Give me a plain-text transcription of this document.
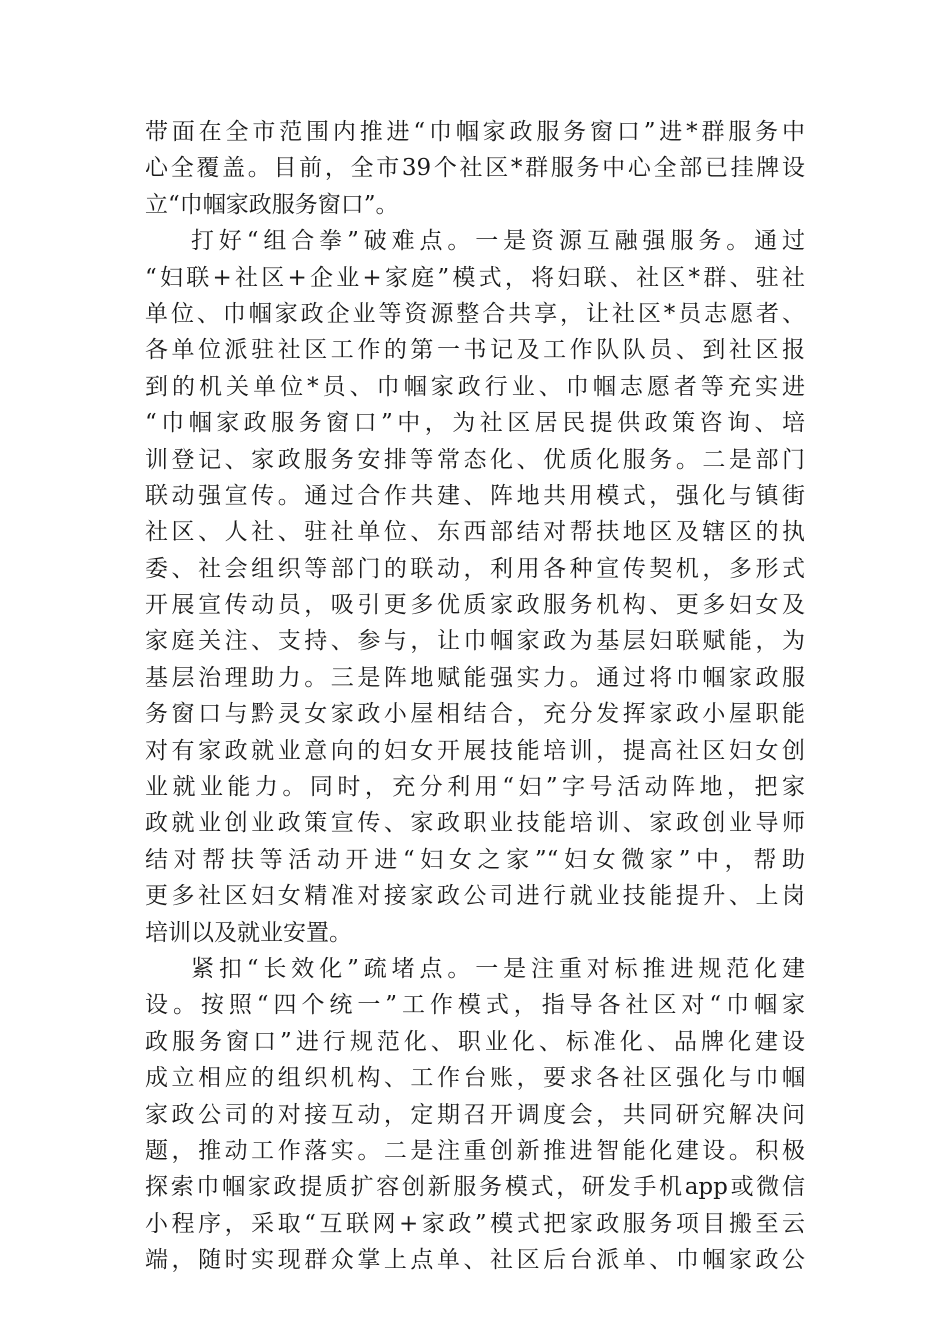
带面在全市范围内推进“巾帼家政服务窗口”进*群服务中
心全覆盖。目前，全市39个社区*群服务中心全部已挂牌设
立“巾帼家政服务窗口”。
打好“组合拳”破难点。一是资源互融强服务。通过
“妇联+社区+企业+家庭”模式，将妇联、社区*群、驻社
单位、巾帼家政企业等资源整合共享，让社区*员志愿者、
各单位派驻社区工作的第一书记及工作队队员、到社区报
到的机关单位*员、巾帼家政行业、巾帼志愿者等充实进
“巾帼家政服务窗口”中，为社区居民提供政策咨询、培
训登记、家政服务安排等常态化、优质化服务。二是部门
联动强宣传。通过合作共建、阵地共用模式，强化与镇街
社区、人社、驻社单位、东西部结对帮扶地区及辖区的执
委、社会组织等部门的联动，利用各种宣传契机，多形式
开展宣传动员，吸引更多优质家政服务机构、更多妇女及
家庭关注、支持、参与，让巾帼家政为基层妇联赋能，为
基层治理助力。三是阵地赋能强实力。通过将巾帼家政服
务窗口与黔灵女家政小屋相结合，充分发挥家政小屋职能
对有家政就业意向的妇女开展技能培训，提高社区妇女创
业就业能力。同时，充分利用“妇”字号活动阵地，把家
政就业创业政策宣传、家政职业技能培训、家政创业导师
结对帮扶等活动开进“妇女之家”“妇女微家”中，帮助
更多社区妇女精准对接家政公司进行就业技能提升、上岗
培训以及就业安置。
紧扣“长效化”疏堵点。一是注重对标推进规范化建
设。按照“四个统一”工作模式，指导各社区对“巾帼家
政服务窗口”进行规范化、职业化、标准化、品牌化建设
成立相应的组织机构、工作台账，要求各社区强化与巾帼
家政公司的对接互动，定期召开调度会，共同研究解决问
题，推动工作落实。二是注重创新推进智能化建设。积极
探索巾帼家政提质扩容创新服务模式，研发手机app或微信
小程序，采取“互联网+家政”模式把家政服务项目搬至云
端，随时实现群众掌上点单、社区后台派单、巾帼家政公
